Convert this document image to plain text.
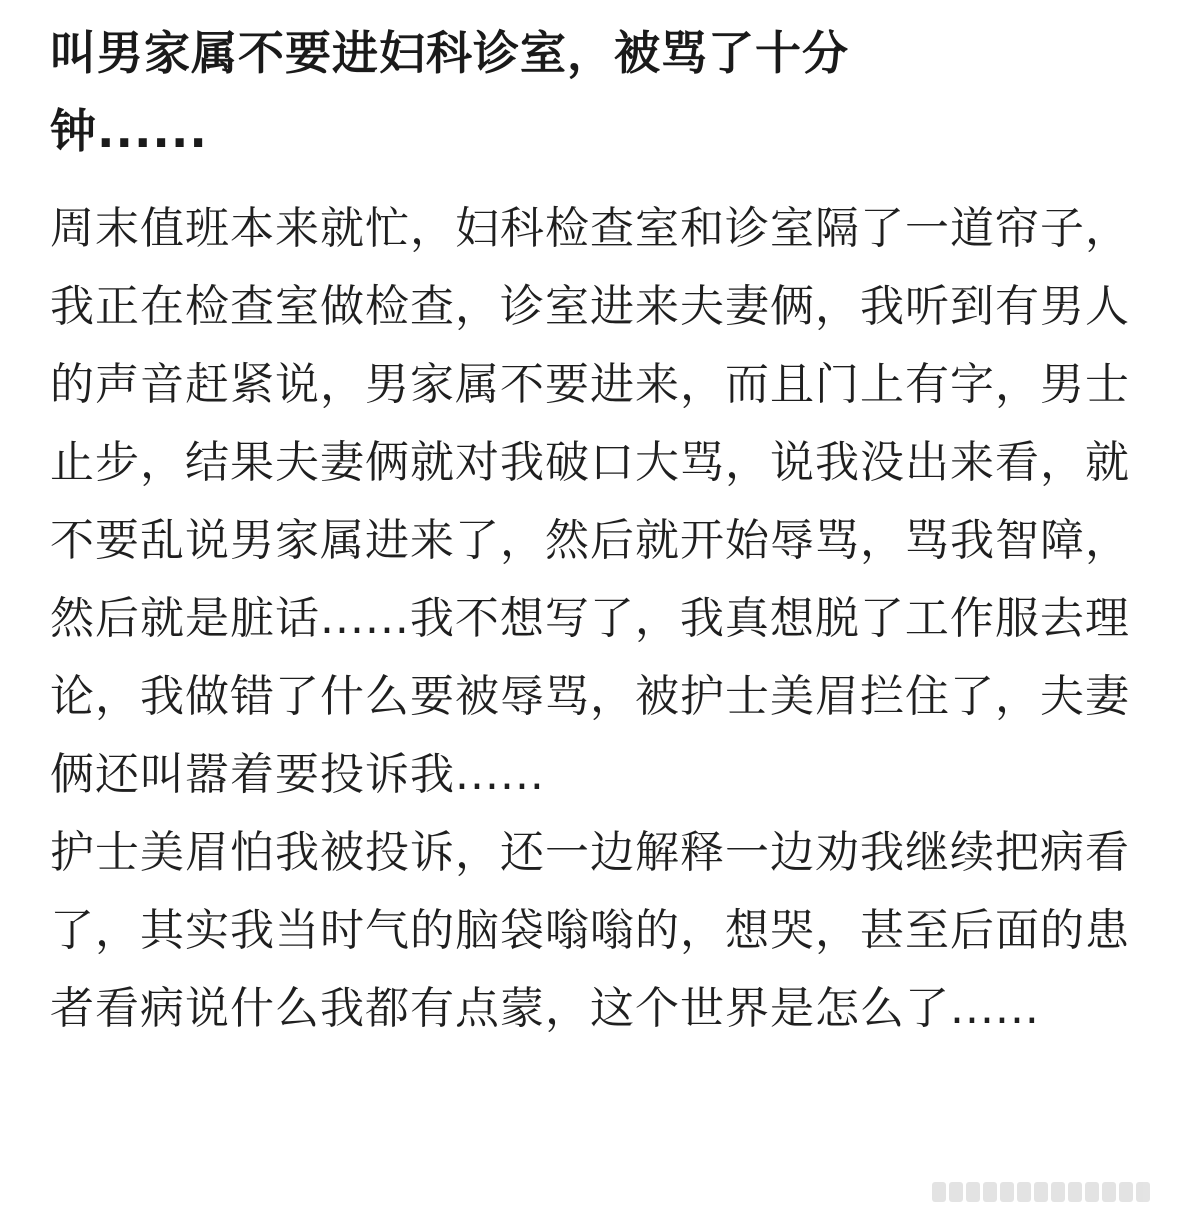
叫男家属不要进妇科诊室，被骂了十分
钟......

周末值班本来就忙，妇科检查室和诊室隔了一道帘子，我正在检查室做检查，诊室进来夫妻俩，我听到有男人的声音赶紧说，男家属不要进来，而且门上有字，男士止步，结果夫妻俩就对我破口大骂，说我没出来看，就不要乱说男家属进来了，然后就开始辱骂，骂我智障，然后就是脏话......我不想写了，我真想脱了工作服去理论，我做错了什么要被辱骂，被护士美眉拦住了，夫妻俩还叫嚣着要投诉我......

护士美眉怕我被投诉，还一边解释一边劝我继续把病看了，其实我当时气的脑袋嗡嗡的，想哭，甚至后面的患者看病说什么我都有点蒙，这个世界是怎么了......
